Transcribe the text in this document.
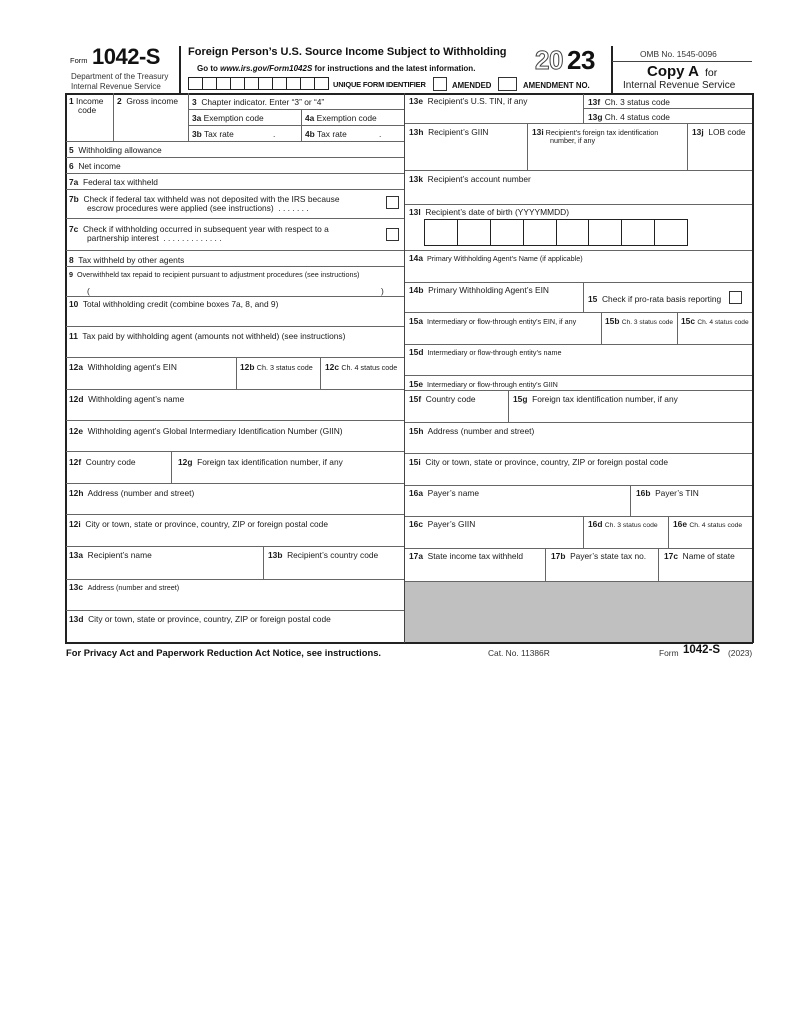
Form 1042-S
Department of the Treasury
Internal Revenue Service
Foreign Person’s U.S. Source Income Subject to Withholding
Go to www.irs.gov/Form1042S for instructions and the latest information.
UNIQUE FORM IDENTIFIER	AMENDED	AMENDMENT NO.
20 23	OMB No. 1545-0096
Copy A for
Internal Revenue Service
1 Income
code
2 Gross income 3 Chapter indicator. Enter “3” or “4”
3a Exemption code	4a Exemption code
3b Tax rate	.	4b Tax rate	.
5 Withholding allowance
6 Net income
7a Federal tax withheld
7b Check if federal tax withheld was not deposited with the IRS because
escrow procedures were applied (see instructions) . . . . . . .
7c Check if withholding occurred in subsequent year with respect to a
partnership interest . . . . . . . . . . . . .
8 Tax withheld by other agents
9 Overwithheld tax repaid to recipient pursuant to adjustment procedures (see instructions)
(	)
10 Total withholding credit (combine boxes 7a, 8, and 9)
11 Tax paid by withholding agent (amounts not withheld) (see instructions)
12a Withholding agent’s EIN	12b Ch. 3 status code 12c Ch. 4 status code
12d Withholding agent’s name
12e Withholding agent’s Global Intermediary Identification Number (GIIN)
12f Country code	12g Foreign tax identification number, if any
12h Address (number and street)
12i City or town, state or province, country, ZIP or foreign postal code
13a Recipient’s name	13b Recipient’s country code
13c Address (number and street)
13d City or town, state or province, country, ZIP or foreign postal code
13e Recipient’s U.S. TIN, if any	13f Ch. 3 status code
13g Ch. 4 status code
13h Recipient’s GIIN	13i Recipient’s foreign tax identification
number, if any
13j LOB code
13k Recipient’s account number
13l Recipient’s date of birth (YYYYMMDD)
14a Primary Withholding Agent’s Name (if applicable)
14b Primary Withholding Agent’s EIN
15 Check if pro-rata basis reporting
15a Intermediary or flow-through entity’s EIN, if any	15b Ch. 3 status code 15c Ch. 4 status code
15d Intermediary or flow-through entity’s name
15e Intermediary or flow-through entity’s GIIN
15f Country code	15g Foreign tax identification number, if any
15h Address (number and street)
15i City or town, state or province, country, ZIP or foreign postal code
16a Payer’s name	16b Payer’s TIN
16c Payer’s GIIN	16d Ch. 3 status code 16e Ch. 4 status code
17a State income tax withheld	17b Payer’s state tax no. 17c Name of state
For Privacy Act and Paperwork Reduction Act Notice, see instructions.	Cat. No. 11386R	Form 1042-S (2023)
